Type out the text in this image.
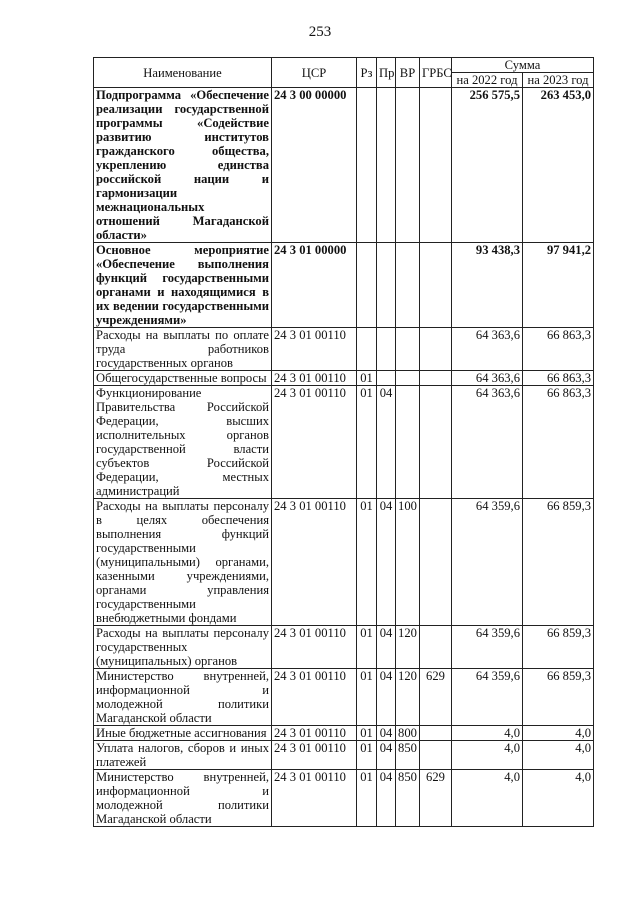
253
Наименование	ЦСР	Рз	Пр	ВР	ГРБС	Сумма	
						на 2022 год	на 2023 год
Подпрограмма «Обеспечение реализации государственной программы «Содействие развитию институтов гражданского общества, укреплению единства российской нации и гармонизации межнациональных отношений Магаданской области»	24 3 00 00000					256 575,5	263 453,0
Основное мероприятие «Обеспечение выполнения функций государственными органами и находящимися в их ведении государственными учреждениями»	24 3 01 00000					93 438,3	97 941,2
Расходы на выплаты по оплате труда работников государственных органов	24 3 01 00110					64 363,6	66 863,3
Общегосударственные вопросы	24 3 01 00110	01				64 363,6	66 863,3
Функционирование Правительства Российской Федерации, высших исполнительных органов государственной власти субъектов Российской Федерации, местных администраций	24 3 01 00110	01	04			64 363,6	66 863,3
Расходы на выплаты персоналу в целях обеспечения выполнения функций государственными (муниципальными) органами, казенными учреждениями, органами управления государственными внебюджетными фондами	24 3 01 00110	01	04	100		64 359,6	66 859,3
Расходы на выплаты персоналу государственных (муниципальных) органов	24 3 01 00110	01	04	120		64 359,6	66 859,3
Министерство внутренней, информационной и молодежной политики Магаданской области	24 3 01 00110	01	04	120	629	64 359,6	66 859,3
Иные бюджетные ассигнования	24 3 01 00110	01	04	800		4,0	4,0
Уплата налогов, сборов и иных платежей	24 3 01 00110	01	04	850		4,0	4,0
Министерство внутренней, информационной и молодежной политики Магаданской области	24 3 01 00110	01	04	850	629	4,0	4,0
